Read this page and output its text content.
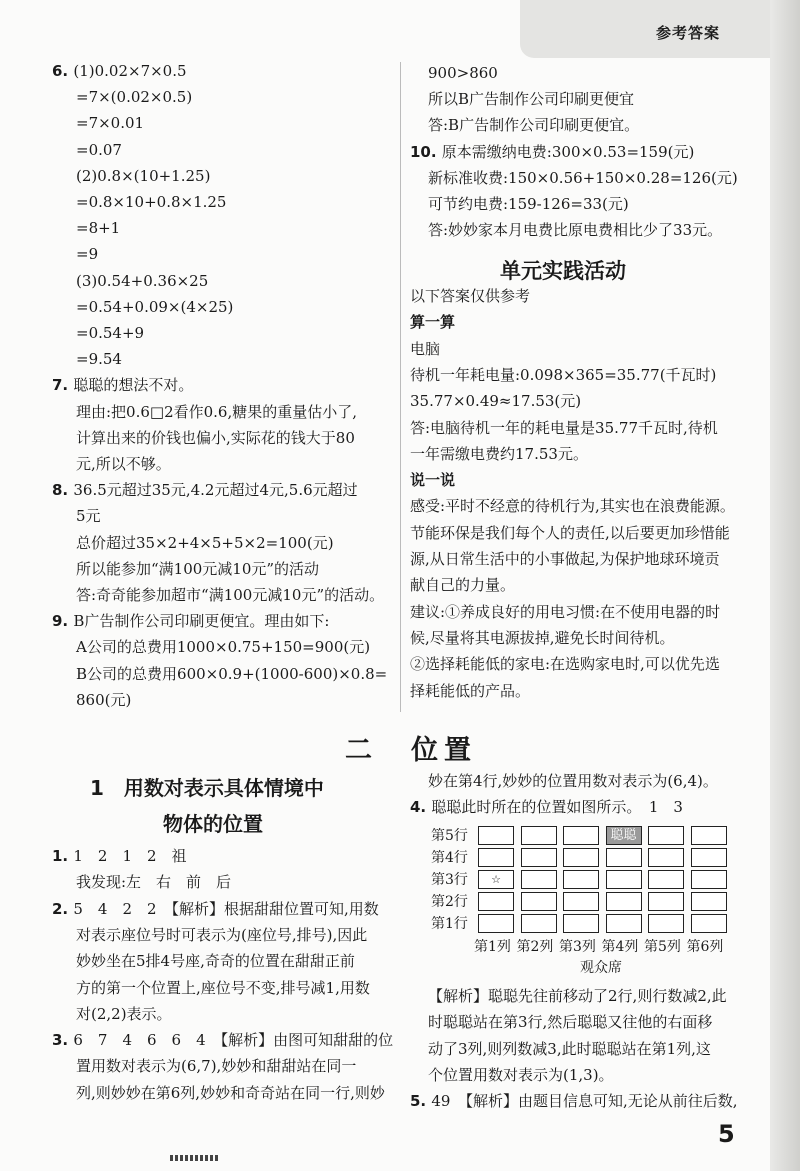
参考答案
6. (1)0.02×7×0.5
=7×(0.02×0.5)
=7×0.01
=0.07
(2)0.8×(10+1.25)
=0.8×10+0.8×1.25
=8+1
=9
(3)0.54+0.36×25
=0.54+0.09×(4×25)
=0.54+9
=9.54
7. 聪聪的想法不对。
理由:把0.6□2看作0.6,糖果的重量估小了,
计算出来的价钱也偏小,实际花的钱大于80
元,所以不够。
8. 36.5元超过35元,4.2元超过4元,5.6元超过
5元
总价超过35×2+4×5+5×2=100(元)
所以能参加“满100元减10元”的活动
答:奇奇能参加超市“满100元减10元”的活动。
9. B广告制作公司印刷更便宜。理由如下:
A公司的总费用1000×0.75+150=900(元)
B公司的总费用600×0.9+(1000-600)×0.8=
860(元)
900>860
所以B广告制作公司印刷更便宜
答:B广告制作公司印刷更便宜。
10. 原本需缴纳电费:300×0.53=159(元)
新标准收费:150×0.56+150×0.28=126(元)
可节约电费:159-126=33(元)
答:妙妙家本月电费比原电费相比少了33元。
单元实践活动
以下答案仅供参考
算一算
电脑
待机一年耗电量:0.098×365=35.77(千瓦时)
35.77×0.49≈17.53(元)
答:电脑待机一年的耗电量是35.77千瓦时,待机
一年需缴电费约17.53元。
说一说
感受:平时不经意的待机行为,其实也在浪费能源。
节能环保是我们每个人的责任,以后要更加珍惜能
源,从日常生活中的小事做起,为保护地球环境贡
献自己的力量。
建议:①养成良好的用电习惯:在不使用电器的时
候,尽量将其电源拔掉,避免长时间待机。
②选择耗能低的家电:在选购家电时,可以优先选
择耗能低的产品。
二　位置
1　用数对表示具体情境中
物体的位置
1. 1　2　1　2　祖
我发现:左　右　前　后
2. 5　4　2　2　【解析】根据甜甜位置可知,用数
对表示座位号时可表示为(座位号,排号),因此
妙妙坐在5排4号座,奇奇的位置在甜甜正前
方的第一个位置上,座位号不变,排号减1,用数
对(2,2)表示。
3. 6　7　4　6　6　4　【解析】由图可知甜甜的位
置用数对表示为(6,7),妙妙和甜甜站在同一
列,则妙妙在第6列,妙妙和奇奇站在同一行,则妙
妙在第4行,妙妙的位置用数对表示为(6,4)。
4. 聪聪此时所在的位置如图所示。　1　3
第5行	聪聪
第4行
第3行	☆
第2行
第1行
第1列 第2列 第3列 第4列 第5列 第6列
观众席
【解析】聪聪先往前移动了2行,则行数减2,此
时聪聪站在第3行,然后聪聪又往他的右面移
动了3列,则列数减3,此时聪聪站在第1列,这
个位置用数对表示为(1,3)。
5. 49　【解析】由题目信息可知,无论从前往后数,
5
